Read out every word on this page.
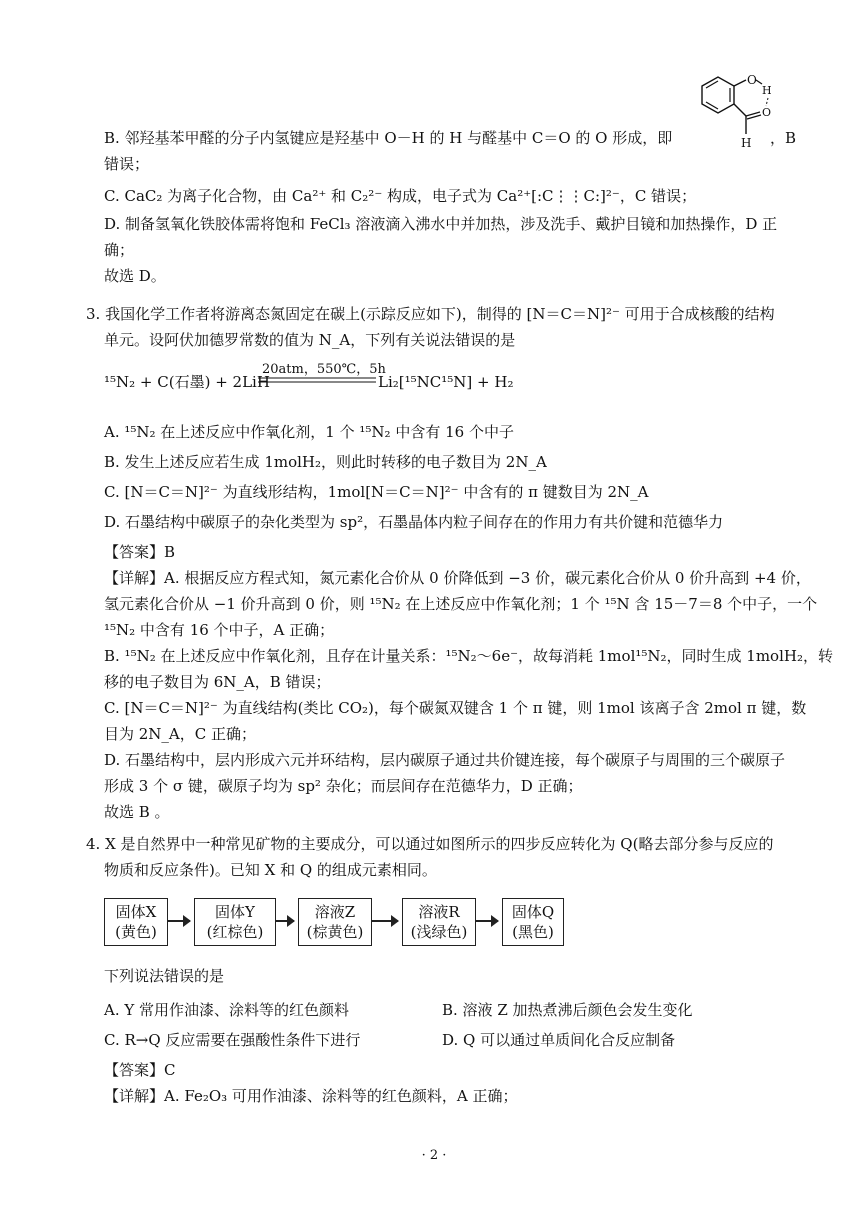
O
H
O
H
B. 邻羟基苯甲醛的分子内氢键应是羟基中 O－H 的 H 与醛基中 C＝O 的 O 形成，即	，B
错误；
C. CaC₂ 为离子化合物，由 Ca²⁺ 和 C₂²⁻ 构成，电子式为 Ca²⁺[:C⋮⋮C:]²⁻，C 错误；
D. 制备氢氧化铁胶体需将饱和 FeCl₃ 溶液滴入沸水中并加热，涉及洗手、戴护目镜和加热操作，D 正
确；
故选 D。
3. 我国化学工作者将游离态氮固定在碳上(示踪反应如下)，制得的 [N＝C＝N]²⁻ 可用于合成核酸的结构
单元。设阿伏加德罗常数的值为 N_A，下列有关说法错误的是
¹⁵N₂ + C(石墨) + 2LiH
20atm，550℃，5h
Li₂[¹⁵NC¹⁵N] + H₂
A. ¹⁵N₂ 在上述反应中作氧化剂，1 个 ¹⁵N₂ 中含有 16 个中子
B. 发生上述反应若生成 1molH₂，则此时转移的电子数目为 2N_A
C. [N＝C＝N]²⁻ 为直线形结构，1mol[N＝C＝N]²⁻ 中含有的 π 键数目为 2N_A
D. 石墨结构中碳原子的杂化类型为 sp²，石墨晶体内粒子间存在的作用力有共价键和范德华力
【答案】B
【详解】A. 根据反应方程式知，氮元素化合价从 0 价降低到 −3 价，碳元素化合价从 0 价升高到 +4 价，
氢元素化合价从 −1 价升高到 0 价，则 ¹⁵N₂ 在上述反应中作氧化剂；1 个 ¹⁵N 含 15－7＝8 个中子，一个
¹⁵N₂ 中含有 16 个中子，A 正确；
B. ¹⁵N₂ 在上述反应中作氧化剂，且存在计量关系：¹⁵N₂～6e⁻，故每消耗 1mol¹⁵N₂，同时生成 1molH₂，转
移的电子数目为 6N_A，B 错误；
C. [N＝C＝N]²⁻ 为直线结构(类比 CO₂)，每个碳氮双键含 1 个 π 键，则 1mol 该离子含 2mol π 键，数
目为 2N_A，C 正确；
D. 石墨结构中，层内形成六元并环结构，层内碳原子通过共价键连接，每个碳原子与周围的三个碳原子
形成 3 个 σ 键，碳原子均为 sp² 杂化；而层间存在范德华力，D 正确；
故选 B 。
4. X 是自然界中一种常见矿物的主要成分，可以通过如图所示的四步反应转化为 Q(略去部分参与反应的
物质和反应条件)。已知 X 和 Q 的组成元素相同。
固体X
(黄色)
固体Y
(红棕色)
溶液Z
(棕黄色)
溶液R
(浅绿色)
固体Q
(黑色)
下列说法错误的是
A. Y 常用作油漆、涂料等的红色颜料	B. 溶液 Z 加热煮沸后颜色会发生变化
C. R→Q 反应需要在强酸性条件下进行	D. Q 可以通过单质间化合反应制备
【答案】C
【详解】A. Fe₂O₃ 可用作油漆、涂料等的红色颜料，A 正确；
· 2 ·
